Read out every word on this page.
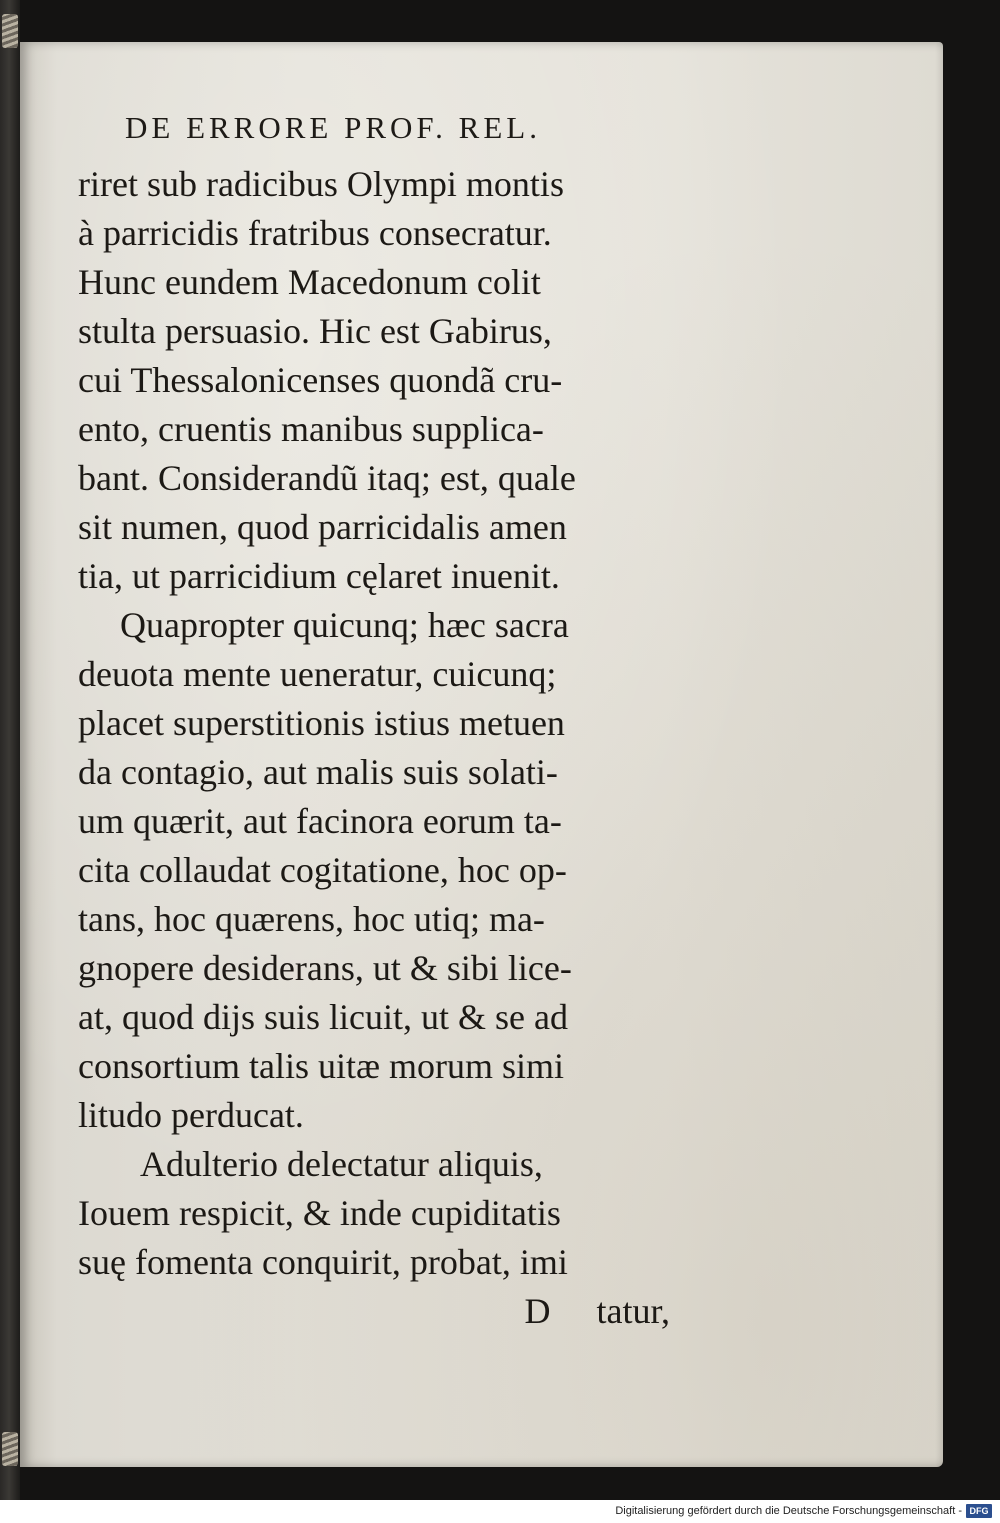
DE ERRORE PROF. REL.
riret sub radicibus Olympi montis
à parricidis fratribus consecratur.
Hunc eundem Macedonum colit
stulta persuasio. Hic est Gabirus,
cui Thessalonicenses quondã cru-
ento, cruentis manibus supplica-
bant. Considerandũ itaq; est, quale
sit numen, quod parricidalis amen
tia, ut parricidium cęlaret inuenit.
Quapropter quicunq; hæc sacra
deuota mente ueneratur, cuicunq;
placet superstitionis istius metuen
da contagio, aut malis suis solati-
um quærit, aut facinora eorum ta-
cita collaudat cogitatione, hoc op-
tans, hoc quærens, hoc utiq; ma-
gnopere desiderans, ut & sibi lice-
at, quod dijs suis licuit, ut & se ad
consortium talis uitæ morum simi
litudo perducat.
Adulterio delectatur aliquis,
Iouem respicit, & inde cupiditatis
suę fomenta conquirit, probat, imi
D tatur,
Digitalisierung gefördert durch die Deutsche Forschungsgemeinschaft - DFG
